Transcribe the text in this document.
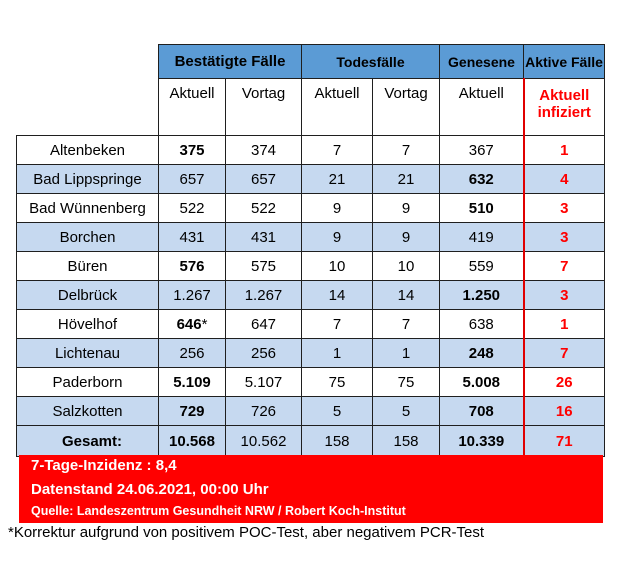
	Bestätigte Fälle		Todesfälle		Genesene	Aktive Fälle
	Aktuell	Vortag	Aktuell	Vortag	Aktuell	Aktuell
infiziert
Altenbeken	375	374	7	7	367	1
Bad Lippspringe	657	657	21	21	632	4
Bad Wünnenberg	522	522	9	9	510	3
Borchen	431	431	9	9	419	3
Büren	576	575	10	10	559	7
Delbrück	1.267	1.267	14	14	1.250	3
Hövelhof	646*	647	7	7	638	1
Lichtenau	256	256	1	1	248	7
Paderborn	5.109	5.107	75	75	5.008	26
Salzkotten	729	726	5	5	708	16
Gesamt:	10.568	10.562	158	158	10.339	71
7-Tage-Inzidenz : 8,4
Datenstand 24.06.2021, 00:00 Uhr
Quelle: Landeszentrum Gesundheit NRW / Robert Koch-Institut
*Korrektur aufgrund von positivem POC-Test, aber negativem PCR-Test
